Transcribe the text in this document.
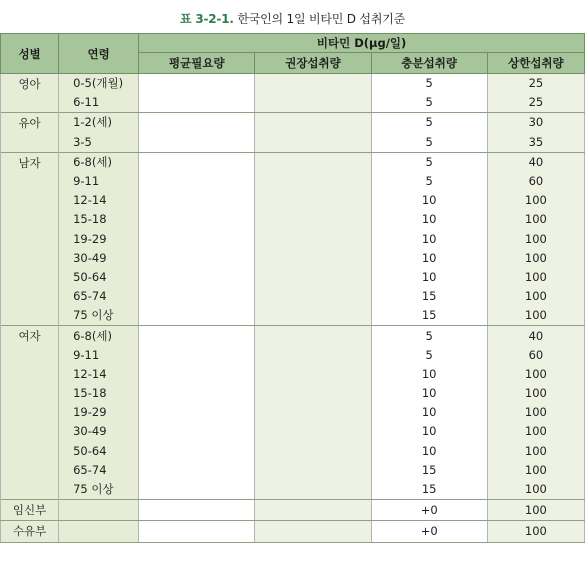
표 3-2-1. 한국인의 1일 비타민 D 섭취기준
성별	연령	비타민 D(μg/일)			
		평균필요량	권장섭취량	충분섭취량	상한섭취량
영아	0-5(개월)			5	25
	6-11			5	25
유아	1-2(세)			5	30
	3-5			5	35
남자	6-8(세)			5	40
	9-11			5	60
	12-14			10	100
	15-18			10	100
	19-29			10	100
	30-49			10	100
	50-64			10	100
	65-74			15	100
	75 이상			15	100
여자	6-8(세)			5	40
	9-11			5	60
	12-14			10	100
	15-18			10	100
	19-29			10	100
	30-49			10	100
	50-64			10	100
	65-74			15	100
	75 이상			15	100
임신부				+0	100
수유부				+0	100
